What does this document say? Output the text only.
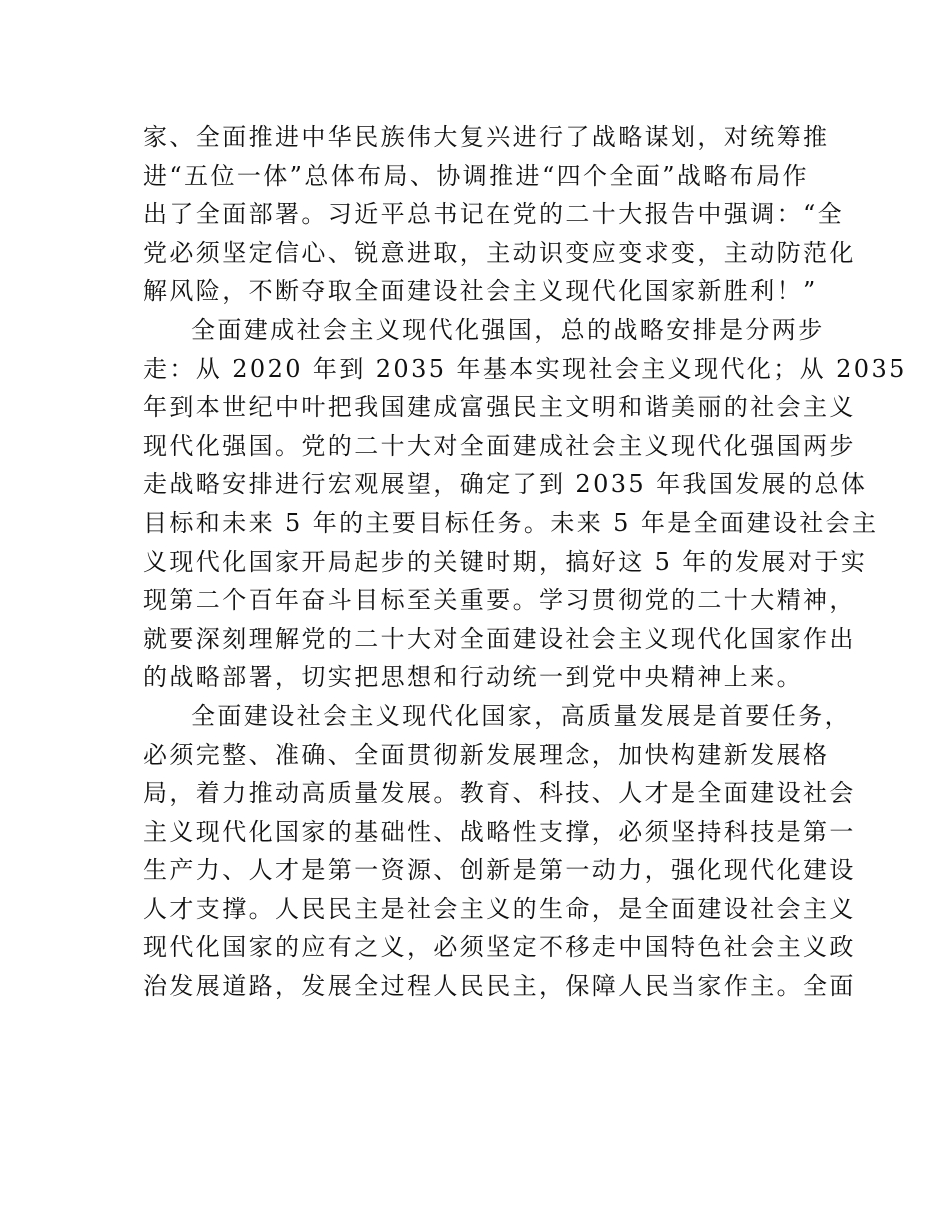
家、全面推进中华民族伟大复兴进行了战略谋划，对统筹推
进“五位一体”总体布局、协调推进“四个全面”战略布局作
出了全面部署。习近平总书记在党的二十大报告中强调：“全
党必须坚定信心、锐意进取，主动识变应变求变，主动防范化
解风险，不断夺取全面建设社会主义现代化国家新胜利！”
全面建成社会主义现代化强国，总的战略安排是分两步
走：从 2020 年到 2035 年基本实现社会主义现代化；从 2035
年到本世纪中叶把我国建成富强民主文明和谐美丽的社会主义
现代化强国。党的二十大对全面建成社会主义现代化强国两步
走战略安排进行宏观展望，确定了到 2035 年我国发展的总体
目标和未来 5 年的主要目标任务。未来 5 年是全面建设社会主
义现代化国家开局起步的关键时期，搞好这 5 年的发展对于实
现第二个百年奋斗目标至关重要。学习贯彻党的二十大精神，
就要深刻理解党的二十大对全面建设社会主义现代化国家作出
的战略部署，切实把思想和行动统一到党中央精神上来。
全面建设社会主义现代化国家，高质量发展是首要任务，
必须完整、准确、全面贯彻新发展理念，加快构建新发展格
局，着力推动高质量发展。教育、科技、人才是全面建设社会
主义现代化国家的基础性、战略性支撑，必须坚持科技是第一
生产力、人才是第一资源、创新是第一动力，强化现代化建设
人才支撑。人民民主是社会主义的生命，是全面建设社会主义
现代化国家的应有之义，必须坚定不移走中国特色社会主义政
治发展道路，发展全过程人民民主，保障人民当家作主。全面
